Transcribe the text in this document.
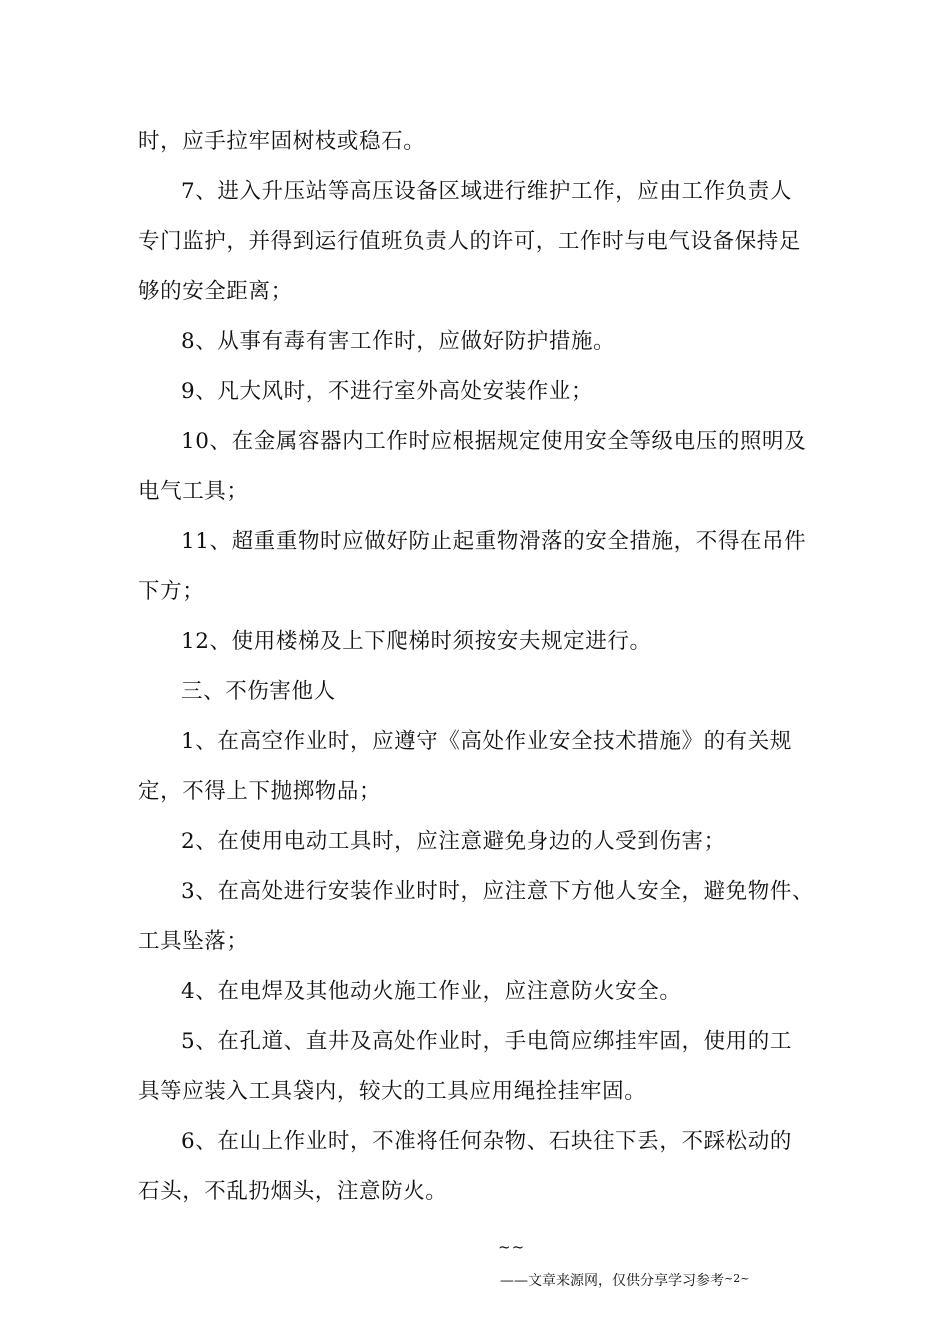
时，应手拉牢固树枝或稳石。

7、进入升压站等高压设备区域进行维护工作，应由工作负责人
专门监护，并得到运行值班负责人的许可，工作时与电气设备保持足
够的安全距离；

8、从事有毒有害工作时，应做好防护措施。

9、凡大风时，不进行室外高处安装作业；

10、在金属容器内工作时应根据规定使用安全等级电压的照明及
电气工具；

11、超重重物时应做好防止起重物滑落的安全措施，不得在吊件
下方；

12、使用楼梯及上下爬梯时须按安夫规定进行。

三、不伤害他人

1、在高空作业时，应遵守《高处作业安全技术措施》的有关规
定，不得上下抛掷物品；

2、在使用电动工具时，应注意避免身边的人受到伤害；

3、在高处进行安装作业时时，应注意下方他人安全，避免物件、
工具坠落；

4、在电焊及其他动火施工作业，应注意防火安全。

5、在孔道、直井及高处作业时，手电筒应绑挂牢固，使用的工
具等应装入工具袋内，较大的工具应用绳拴挂牢固。

6、在山上作业时，不准将任何杂物、石块往下丢，不踩松动的
石头，不乱扔烟头，注意防火。

~~
——文章来源网，仅供分享学习参考$^{\sim 2\sim}$
